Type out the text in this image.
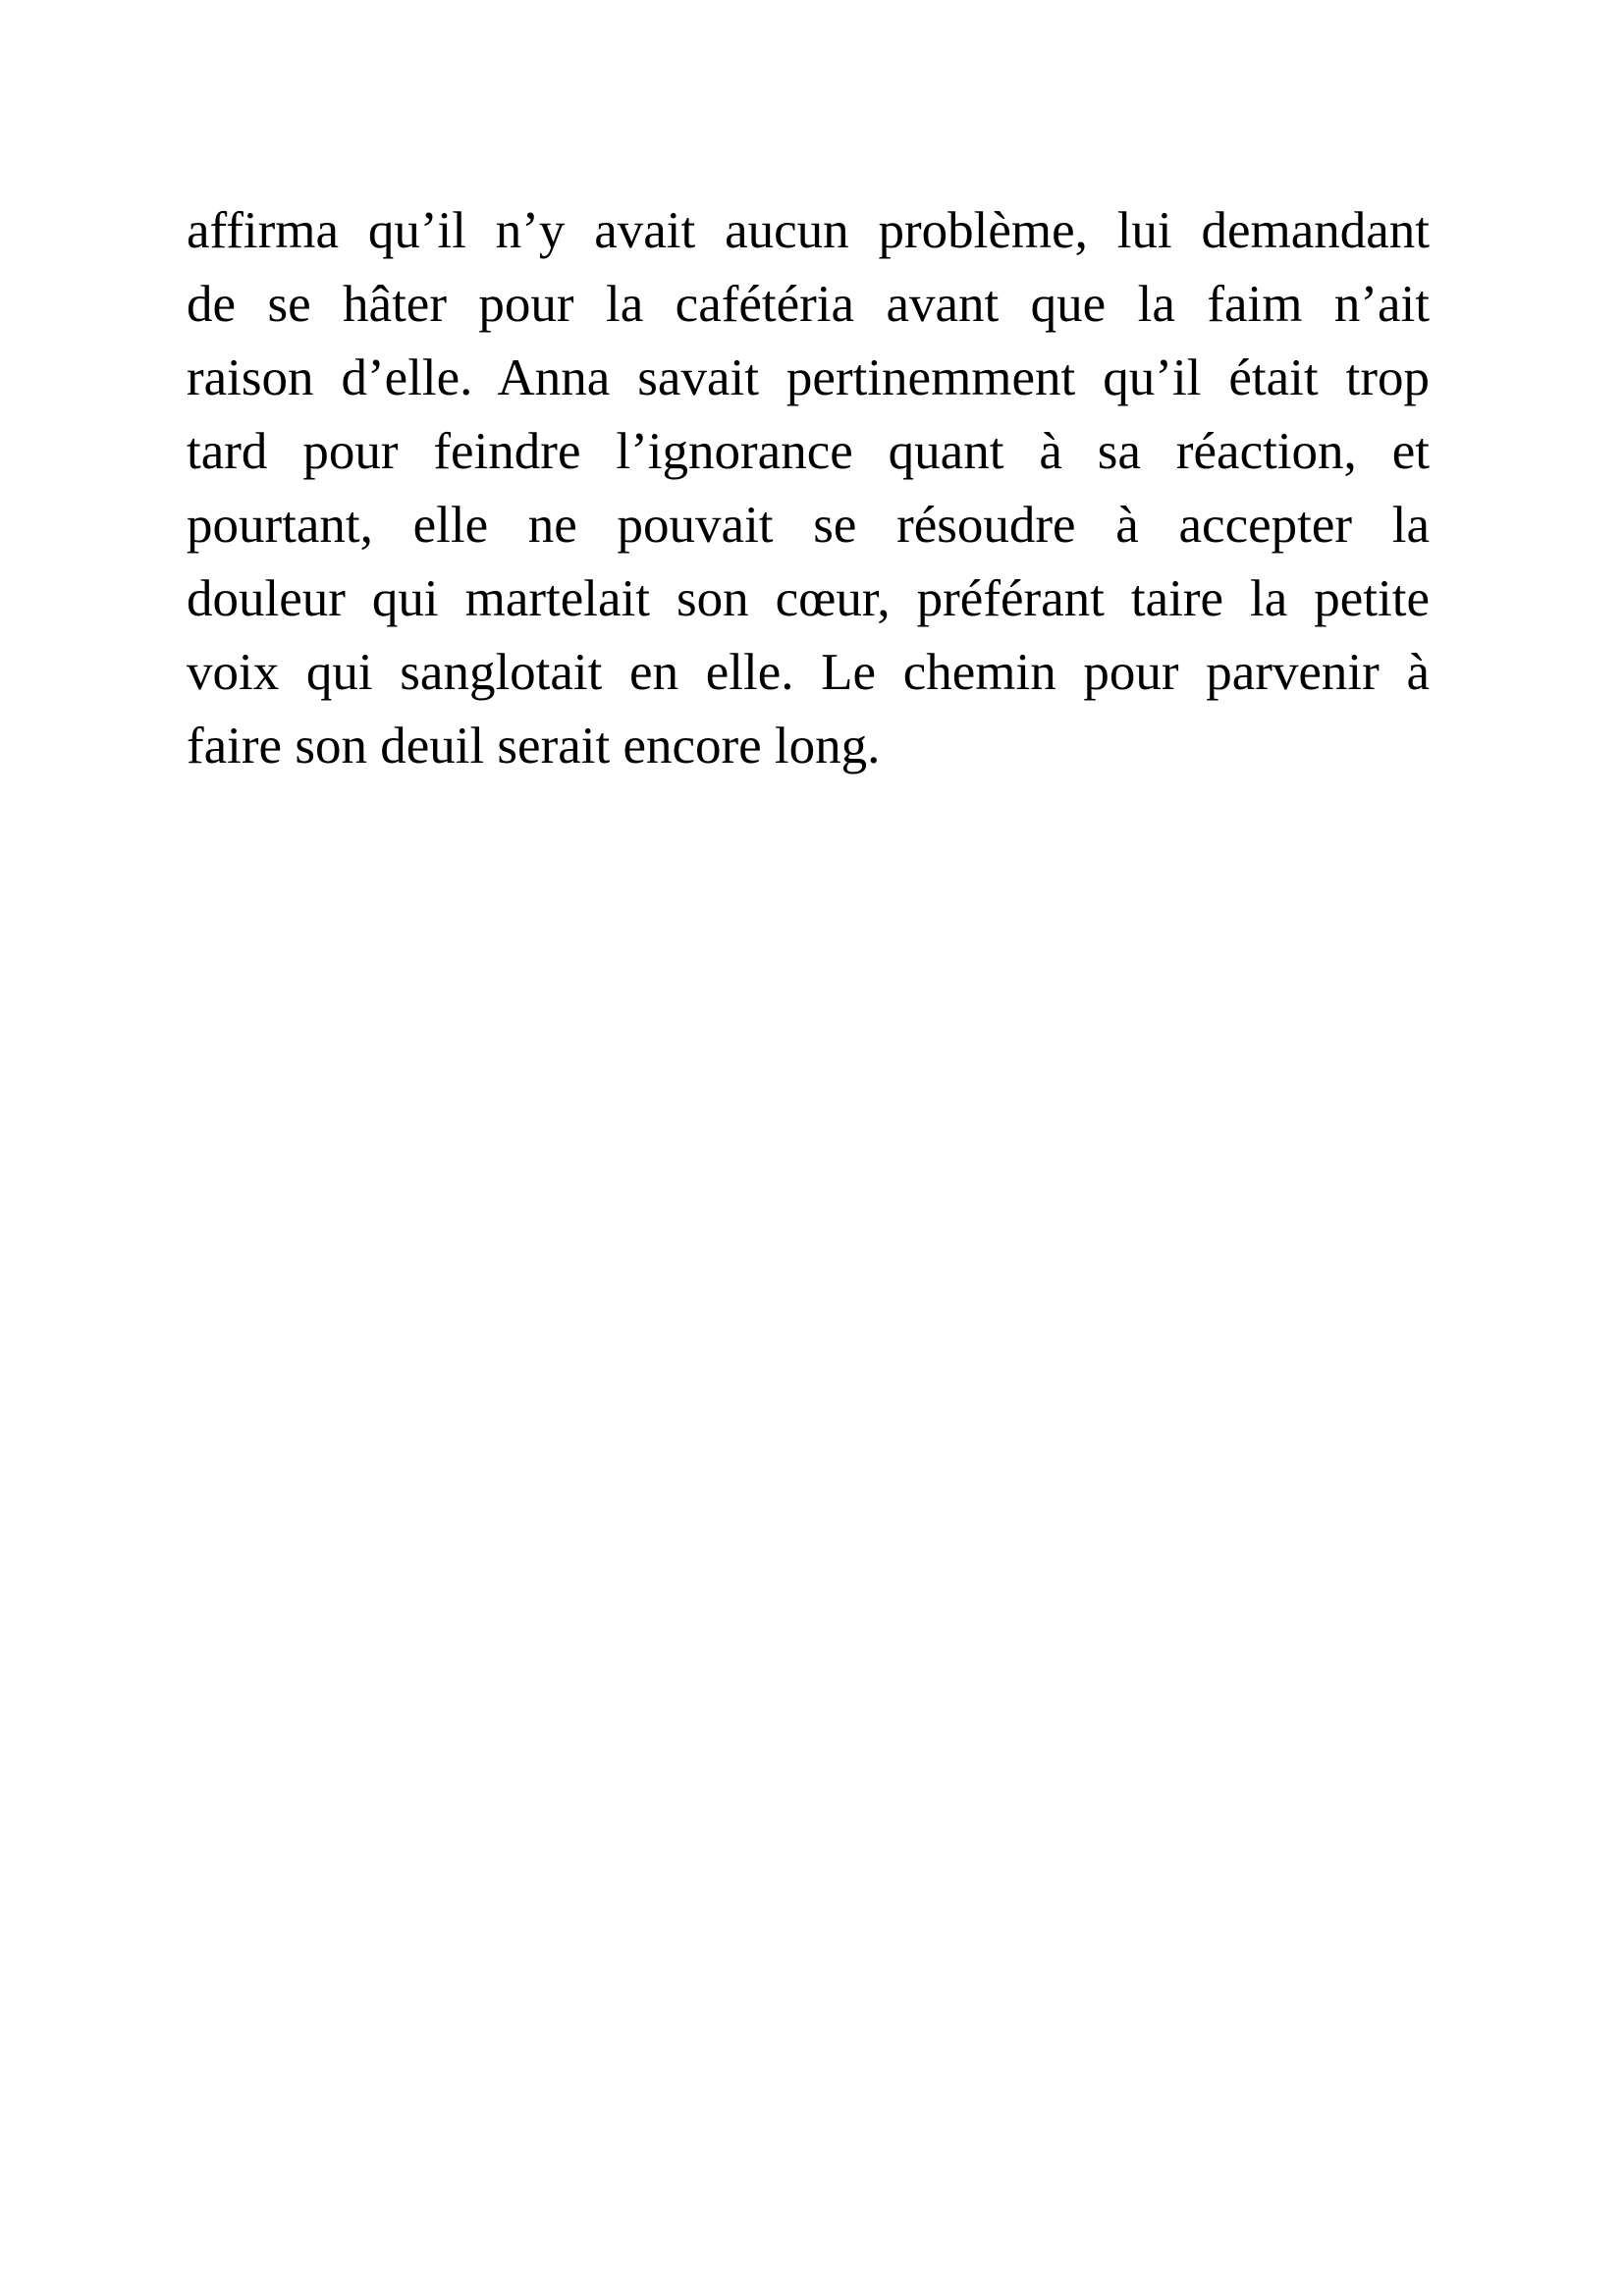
affirma qu’il n’y avait aucun problème, lui demandant
de se hâter pour la cafétéria avant que la faim n’ait
raison d’elle. Anna savait pertinemment qu’il était trop
tard pour feindre l’ignorance quant à sa réaction, et
pourtant, elle ne pouvait se résoudre à accepter la
douleur qui martelait son cœur, préférant taire la petite
voix qui sanglotait en elle. Le chemin pour parvenir à
faire son deuil serait encore long.
